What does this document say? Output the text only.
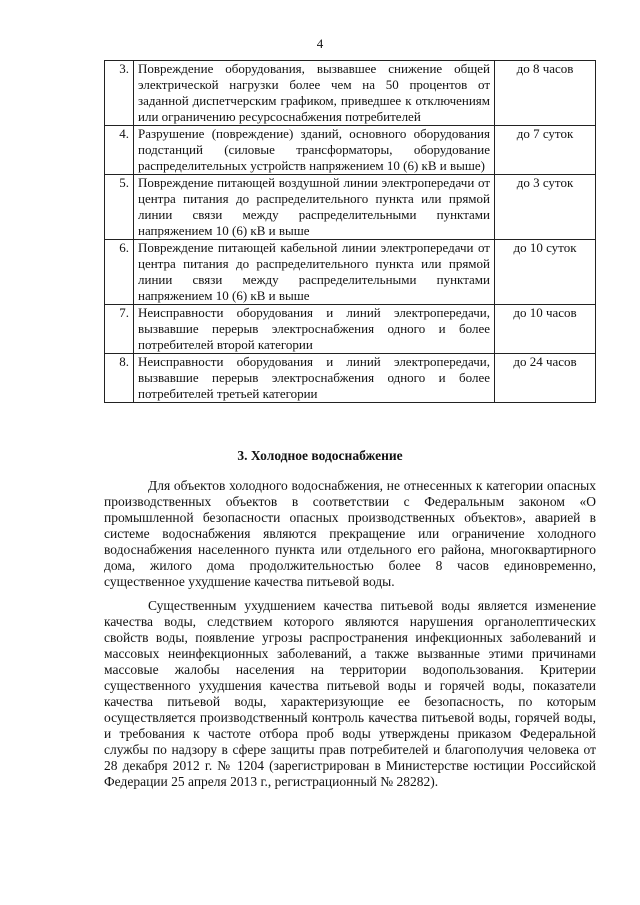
4
3.	Повреждение оборудования, вызвавшее снижение общей электрической нагрузки более чем на 50 процентов от заданной диспетчерским графиком, приведшее к отключениям или ограничению ресурсоснабжения потребителей	до 8 часов
4.	Разрушение (повреждение) зданий, основного оборудования подстанций (силовые трансформаторы, оборудование распределительных устройств напряжением 10 (6) кВ и выше)	до 7 суток
5.	Повреждение питающей воздушной линии электропередачи от центра питания до распределительного пункта или прямой линии связи между распределительными пунктами напряжением 10 (6) кВ и выше	до 3 суток
6.	Повреждение питающей кабельной линии электропередачи от центра питания до распределительного пункта или прямой линии связи между распределительными пунктами напряжением 10 (6) кВ и выше	до 10 суток
7.	Неисправности оборудования и линий электропередачи, вызвавшие перерыв электроснабжения одного и более потребителей второй категории	до 10 часов
8.	Неисправности оборудования и линий электропередачи, вызвавшие перерыв электроснабжения одного и более потребителей третьей категории	до 24 часов
3. Холодное водоснабжение

Для объектов холодного водоснабжения, не отнесенных к категории опасных производственных объектов в соответствии с Федеральным законом «О промышленной безопасности опасных производственных объектов», аварией в системе водоснабжения являются прекращение или ограничение холодного водоснабжения населенного пункта или отдельного его района, многоквартирного дома, жилого дома продолжительностью более 8 часов единовременно, существенное ухудшение качества питьевой воды.

Существенным ухудшением качества питьевой воды является изменение качества воды, следствием которого являются нарушения органолептических свойств воды, появление угрозы распространения инфекционных заболеваний и массовых неинфекционных заболеваний, а также вызванные этими причинами массовые жалобы населения на территории водопользования. Критерии существенного ухудшения качества питьевой воды и горячей воды, показатели качества питьевой воды, характеризующие ее безопасность, по которым осуществляется производственный контроль качества питьевой воды, горячей воды, и требования к частоте отбора проб воды утверждены приказом Федеральной службы по надзору в сфере защиты прав потребителей и благополучия человека от 28 декабря 2012 г. № 1204 (зарегистрирован в Министерстве юстиции Российской Федерации 25 апреля 2013 г., регистрационный № 28282).
